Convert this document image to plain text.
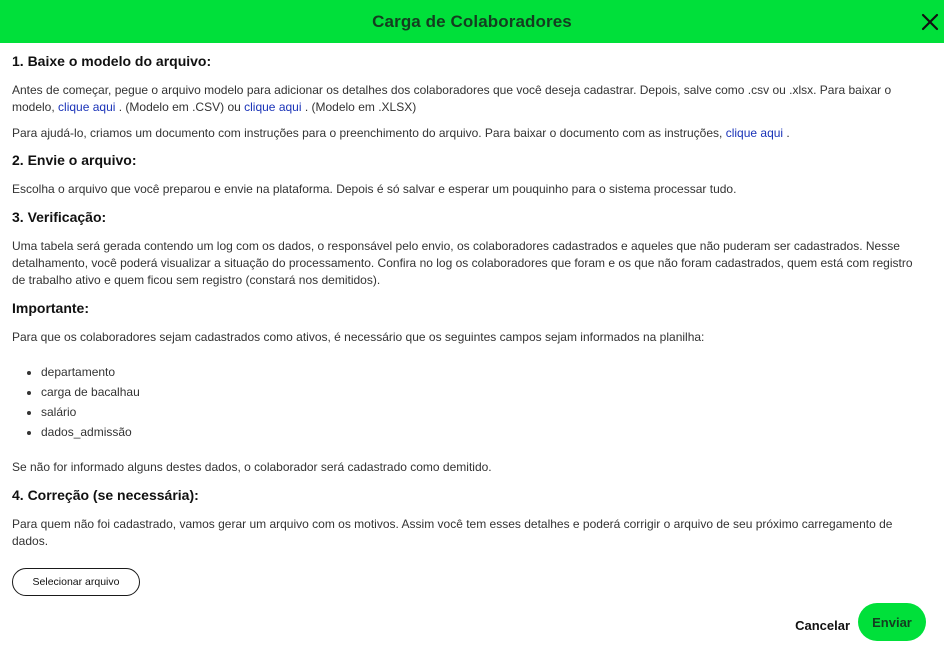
Carga de Colaboradores
1. Baixe o modelo do arquivo:

Antes de começar, pegue o arquivo modelo para adicionar os detalhes dos colaboradores que você deseja cadastrar. Depois, salve como .csv ou .xlsx. Para baixar o modelo, clique aqui . (Modelo em .CSV) ou clique aqui . (Modelo em .XLSX)

Para ajudá-lo, criamos um documento com instruções para o preenchimento do arquivo. Para baixar o documento com as instruções, clique aqui .

2. Envie o arquivo:

Escolha o arquivo que você preparou e envie na plataforma. Depois é só salvar e esperar um pouquinho para o sistema processar tudo.

3. Verificação:

Uma tabela será gerada contendo um log com os dados, o responsável pelo envio, os colaboradores cadastrados e aqueles que não puderam ser cadastrados. Nesse detalhamento, você poderá visualizar a situação do processamento. Confira no log os colaboradores que foram e os que não foram cadastrados, quem está com registro de trabalho ativo e quem ficou sem registro (constará nos demitidos).

Importante:

Para que os colaboradores sejam cadastrados como ativos, é necessário que os seguintes campos sejam informados na planilha:

• departamento
• carga de bacalhau
• salário
• dados_admissão

Se não for informado alguns destes dados, o colaborador será cadastrado como demitido.

4. Correção (se necessária):

Para quem não foi cadastrado, vamos gerar um arquivo com os motivos. Assim você tem esses detalhes e poderá corrigir o arquivo de seu próximo carregamento de dados.

Selecionar arquivo
Cancelar	Enviar
